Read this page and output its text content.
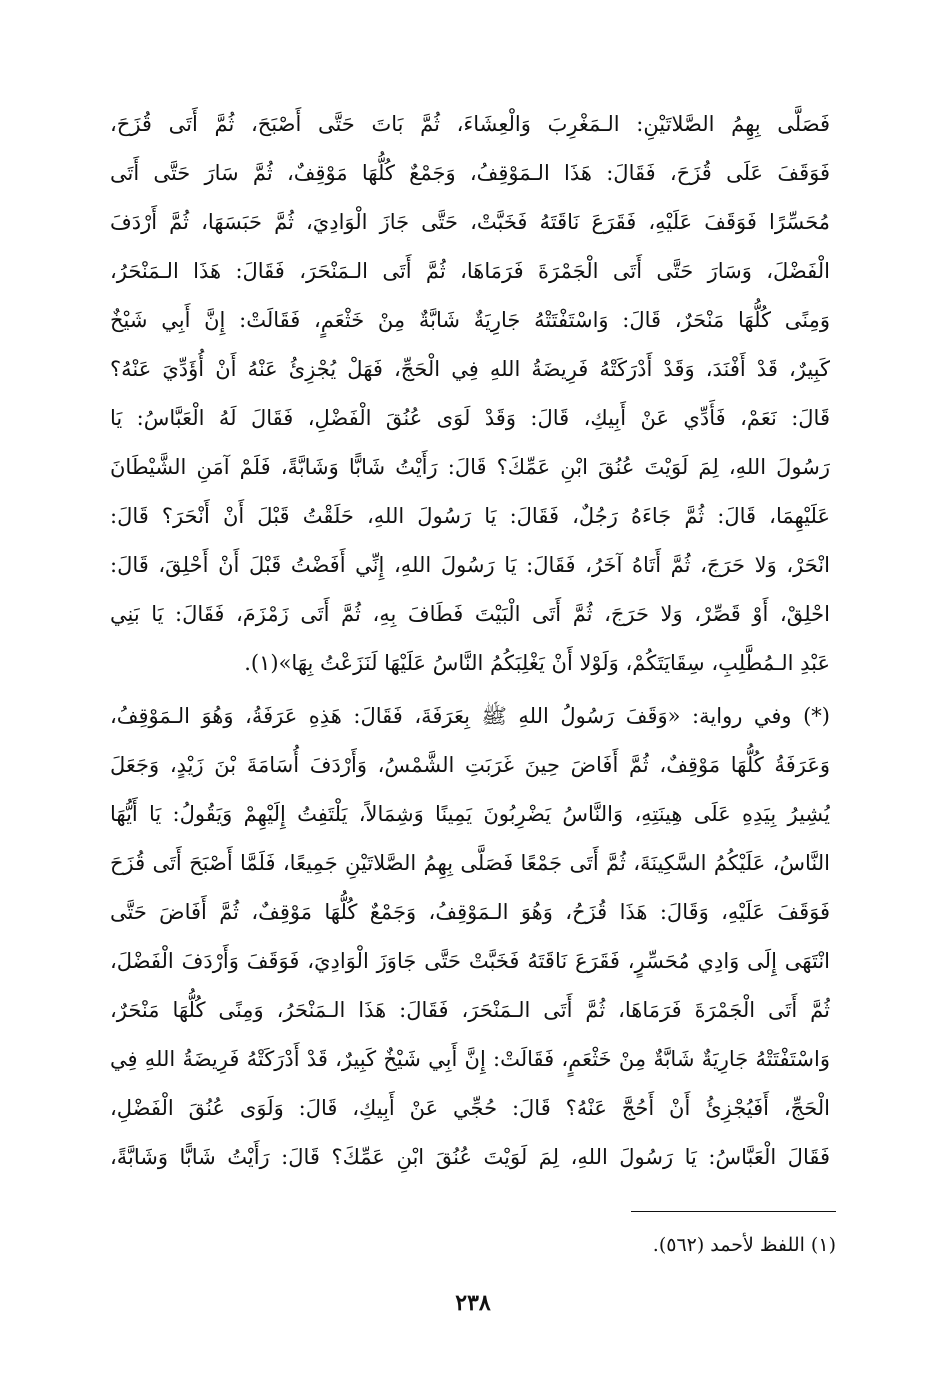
فَصَلَّى بِهِمُ الصَّلاتَيْنِ: الـمَغْرِبَ وَالْعِشَاءَ، ثُمَّ بَاتَ حَتَّى أَصْبَحَ، ثُمَّ أَتَى قُزَحَ،
فَوَقَفَ عَلَى قُزَحَ، فَقَالَ: هَذَا الـمَوْقِفُ، وَجَمْعٌ كُلُّهَا مَوْقِفٌ، ثُمَّ سَارَ حَتَّى أَتَى
مُحَسِّرًا فَوَقَفَ عَلَيْهِ، فَقَرَعَ نَاقَتَهُ فَخَبَّتْ، حَتَّى جَازَ الْوَادِيَ، ثُمَّ حَبَسَهَا، ثُمَّ أَرْدَفَ
الْفَضْلَ، وَسَارَ حَتَّى أَتَى الْجَمْرَةَ فَرَمَاهَا، ثُمَّ أَتَى الـمَنْحَرَ، فَقَالَ: هَذَا الـمَنْحَرُ،
وَمِنًى كُلُّهَا مَنْحَرٌ، قَالَ: وَاسْتَفْتَتْهُ جَارِيَةٌ شَابَّةٌ مِنْ خَثْعَمٍ، فَقَالَتْ: إِنَّ أَبِي شَيْخٌ
كَبِيرٌ، قَدْ أَفْنَدَ، وَقَدْ أَدْرَكَتْهُ فَرِيضَةُ اللهِ فِي الْحَجِّ، فَهَلْ يُجْزِئُ عَنْهُ أَنْ أُؤَدِّيَ عَنْهُ؟
قَالَ: نَعَمْ، فَأَدِّي عَنْ أَبِيكِ، قَالَ: وَقَدْ لَوَى عُنُقَ الْفَضْلِ، فَقَالَ لَهُ الْعَبَّاسُ: يَا
رَسُولَ اللهِ، لِمَ لَوَيْتَ عُنُقَ ابْنِ عَمِّكَ؟ قَالَ: رَأَيْتُ شَابًّا وَشَابَّةً، فَلَمْ آمَنِ الشَّيْطَانَ
عَلَيْهِمَا، قَالَ: ثُمَّ جَاءَهُ رَجُلٌ، فَقَالَ: يَا رَسُولَ اللهِ، حَلَقْتُ قَبْلَ أَنْ أَنْحَرَ؟ قَالَ:
انْحَرْ، وَلا حَرَجَ، ثُمَّ أَتَاهُ آخَرُ، فَقَالَ: يَا رَسُولَ اللهِ، إِنِّي أَفَضْتُ قَبْلَ أَنْ أَحْلِقَ، قَالَ:
احْلِقْ، أَوْ قَصِّرْ، وَلا حَرَجَ، ثُمَّ أَتَى الْبَيْتَ فَطَافَ بِهِ، ثُمَّ أَتَى زَمْزَمَ، فَقَالَ: يَا بَنِي
عَبْدِ الـمُطَّلِبِ، سِقَايَتَكُمْ، وَلَوْلا أَنْ يَغْلِبَكُمُ النَّاسُ عَلَيْهَا لَنَزَعْتُ بِهَا»(١).
(*) وفي رواية: «وَقَفَ رَسُولُ اللهِ ﷺ بِعَرَفَةَ، فَقَالَ: هَذِهِ عَرَفَةُ، وَهُوَ الـمَوْقِفُ،
وَعَرَفَةُ كُلُّهَا مَوْقِفٌ، ثُمَّ أَفَاضَ حِينَ غَرَبَتِ الشَّمْسُ، وَأَرْدَفَ أُسَامَةَ بْنَ زَيْدٍ، وَجَعَلَ
يُشِيرُ بِيَدِهِ عَلَى هِينَتِهِ، وَالنَّاسُ يَضْرِبُونَ يَمِينًا وَشِمَالاً، يَلْتَفِتُ إِلَيْهِمْ وَيَقُولُ: يَا أَيُّهَا
النَّاسُ، عَلَيْكُمُ السَّكِينَةَ، ثُمَّ أَتَى جَمْعًا فَصَلَّى بِهِمُ الصَّلاتَيْنِ جَمِيعًا، فَلَمَّا أَصْبَحَ أَتَى قُزَحَ
فَوَقَفَ عَلَيْهِ، وَقَالَ: هَذَا قُزَحُ، وَهُوَ الـمَوْقِفُ، وَجَمْعٌ كُلُّهَا مَوْقِفٌ، ثُمَّ أَفَاضَ حَتَّى
انْتَهَى إِلَى وَادِي مُحَسِّرٍ، فَقَرَعَ نَاقَتَهُ فَخَبَّتْ حَتَّى جَاوَزَ الْوَادِيَ، فَوَقَفَ وَأَرْدَفَ الْفَضْلَ،
ثُمَّ أَتَى الْجَمْرَةَ فَرَمَاهَا، ثُمَّ أَتَى الـمَنْحَرَ، فَقَالَ: هَذَا الـمَنْحَرُ، وَمِنًى كُلُّهَا مَنْحَرٌ،
وَاسْتَفْتَتْهُ جَارِيَةٌ شَابَّةٌ مِنْ خَثْعَمٍ، فَقَالَتْ: إِنَّ أَبِي شَيْخٌ كَبِيرٌ، قَدْ أَدْرَكَتْهُ فَرِيضَةُ اللهِ فِي
الْحَجِّ، أَفَيُجْزِئُ أَنْ أَحُجَّ عَنْهُ؟ قَالَ: حُجِّي عَنْ أَبِيكِ، قَالَ: وَلَوَى عُنُقَ الْفَضْلِ،
فَقَالَ الْعَبَّاسُ: يَا رَسُولَ اللهِ، لِمَ لَوَيْتَ عُنُقَ ابْنِ عَمِّكَ؟ قَالَ: رَأَيْتُ شَابًّا وَشَابَّةً،
(١) اللفظ لأحمد (٥٦٢).
٢٣٨
